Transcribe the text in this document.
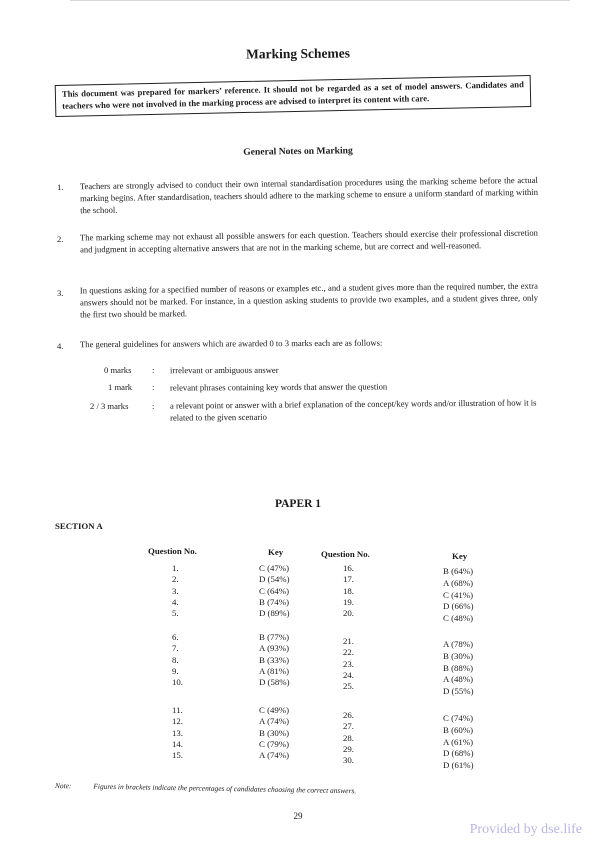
Marking Schemes
This document was prepared for markers’ reference. It should not be regarded as a set of model answers. Candidates and teachers who were not involved in the marking process are advised to interpret its content with care.
General Notes on Marking
1. Teachers are strongly advised to conduct their own internal standardisation procedures using the marking scheme before the actual marking begins. After standardisation, teachers should adhere to the marking scheme to ensure a uniform standard of marking within the school.
2. The marking scheme may not exhaust all possible answers for each question. Teachers should exercise their professional discretion and judgment in accepting alternative answers that are not in the marking scheme, but are correct and well-reasoned.
3. In questions asking for a specified number of reasons or examples etc., and a student gives more than the required number, the extra answers should not be marked. For instance, in a question asking students to provide two examples, and a student gives three, only the first two should be marked.
4. The general guidelines for answers which are awarded 0 to 3 marks each are as follows:
0 marks : irrelevant or ambiguous answer
1 mark : relevant phrases containing key words that answer the question
2 / 3 marks	: a relevant point or answer with a brief explanation of the concept/key words and/or illustration of how it is related to the given scenario
PAPER 1
SECTION A
Question No.	Key	Question No.	Key
1.	C (47%)
2.	D (54%)
3.	C (64%)
4.	B (74%)
5.	D (89%)
6.	B (77%)
7.	A (93%)
8.	B (33%)
9.	A (81%)
10.	D (58%)
11.	C (49%)
12.	A (74%)
13.	B (30%)
14.	C (79%)
15.	A (74%)
16.	B (64%)
17.	A (68%)
18.	C (41%)
19.	D (66%)
20.	C (48%)
21.	A (78%)
22.	B (30%)
23.	B (88%)
24.	A (48%)
25.	D (55%)
26.	C (74%)
27.	B (60%)
28.	A (61%)
29.	D (68%)
30.	D (61%)
Note:	Figures in brackets indicate the percentages of candidates choosing the correct answers.
29
Provided by dse.life
